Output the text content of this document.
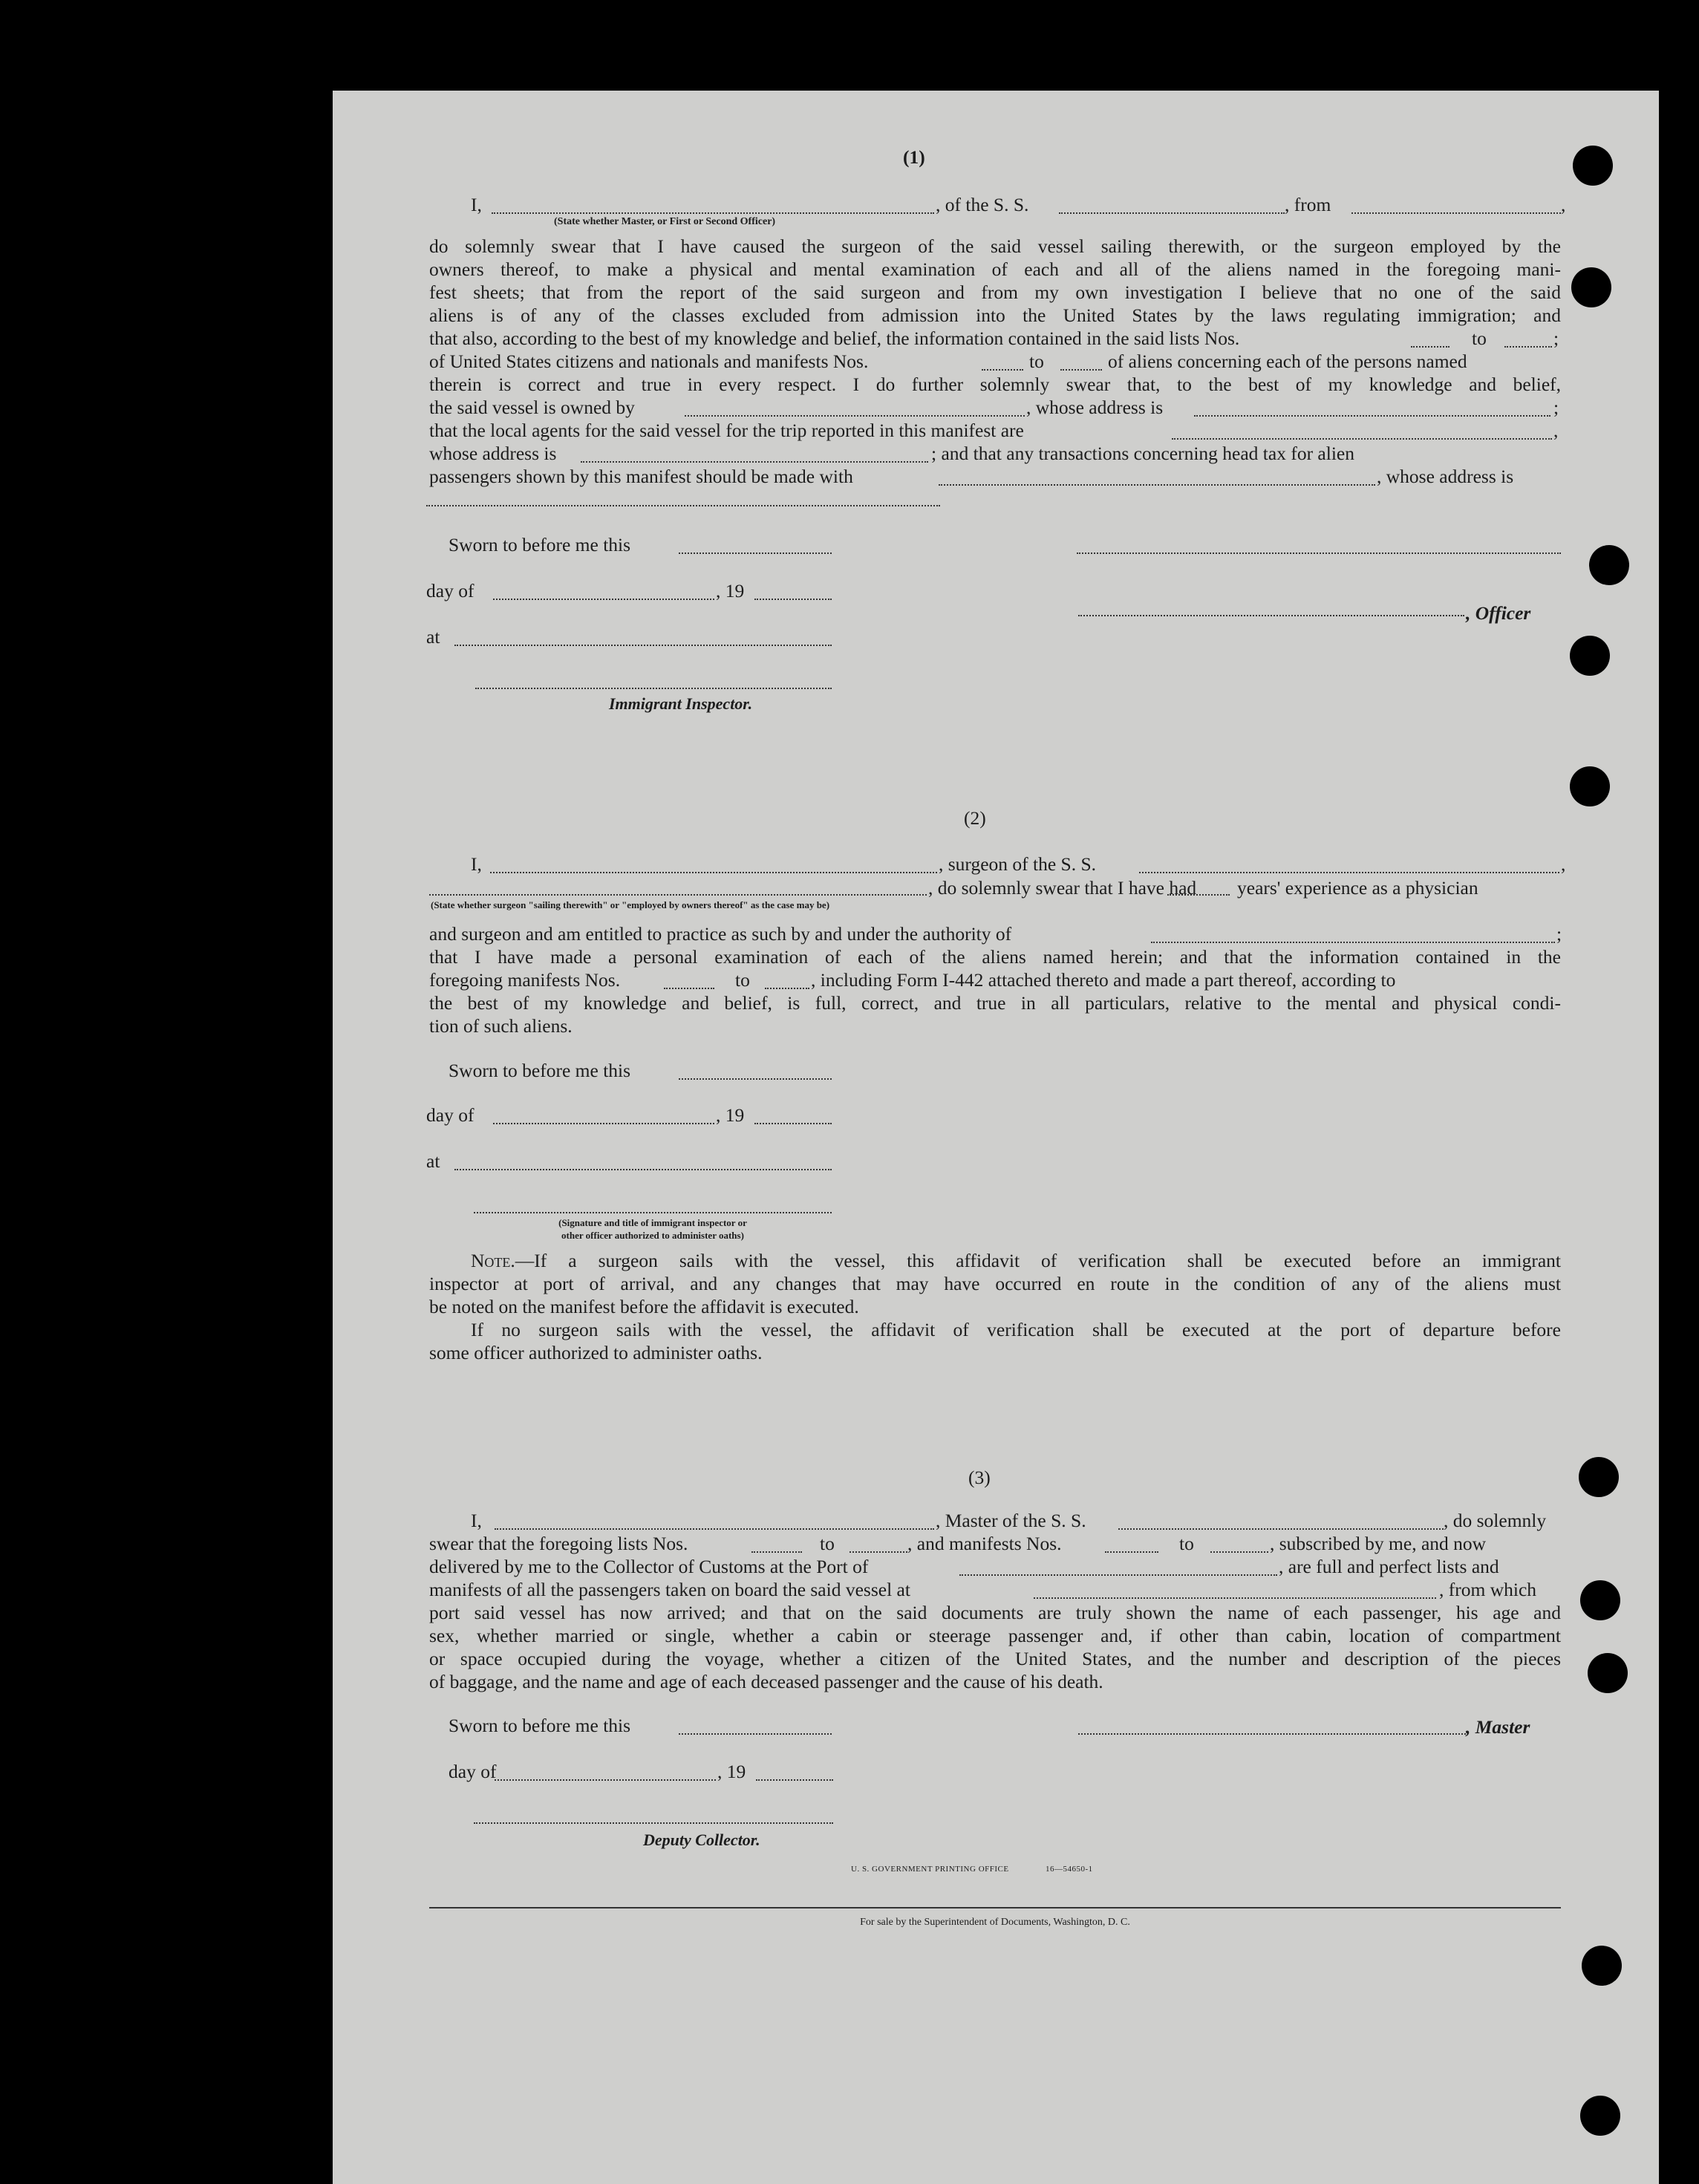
(1)
I,	, of the S. S.	, from	,
(State whether Master, or First or Second Officer)
do solemnly swear that I have caused the surgeon of the said vessel sailing therewith, or the surgeon employed by the
owners thereof, to make a physical and mental examination of each and all of the aliens named in the foregoing mani-
fest sheets; that from the report of the said surgeon and from my own investigation I believe that no one of the said
aliens is of any of the classes excluded from admission into the United States by the laws regulating immigration; and
that also, according to the best of my knowledge and belief, the information contained in the said lists Nos.	to	;
of United States citizens and nationals and manifests Nos.	to	of aliens concerning each of the persons named
therein is correct and true in every respect. I do further solemnly swear that, to the best of my knowledge and belief,
the said vessel is owned by	, whose address is	;
that the local agents for the said vessel for the trip reported in this manifest are	,
whose address is	; and that any transactions concerning head tax for alien
passengers shown by this manifest should be made with	, whose address is
Sworn to before me this
day of	, 19
, Officer
at
Immigrant Inspector.
(2)
I,	, surgeon of the S. S.	,
, do solemnly swear that I have had years' experience as a physician
(State whether surgeon "sailing therewith" or "employed by owners thereof" as the case may be)
and surgeon and am entitled to practice as such by and under the authority of	;
that I have made a personal examination of each of the aliens named herein; and that the information contained in the
foregoing manifests Nos.	to	, including Form I-442 attached thereto and made a part thereof, according to
the best of my knowledge and belief, is full, correct, and true in all particulars, relative to the mental and physical condi-
tion of such aliens.
Sworn to before me this
day of	, 19
at
(Signature and title of immigrant inspector or
other officer authorized to administer oaths)
Note.—If a surgeon sails with the vessel, this affidavit of verification shall be executed before an immigrant
inspector at port of arrival, and any changes that may have occurred en route in the condition of any of the aliens must
be noted on the manifest before the affidavit is executed.
If no surgeon sails with the vessel, the affidavit of verification shall be executed at the port of departure before
some officer authorized to administer oaths.
(3)
I,	, Master of the S. S.	, do solemnly
swear that the foregoing lists Nos.	to	, and manifests Nos.	to	, subscribed by me, and now
delivered by me to the Collector of Customs at the Port of	, are full and perfect lists and
manifests of all the passengers taken on board the said vessel at	, from which
port said vessel has now arrived; and that on the said documents are truly shown the name of each passenger, his age and
sex, whether married or single, whether a cabin or steerage passenger and, if other than cabin, location of compartment
or space occupied during the voyage, whether a citizen of the United States, and the number and description of the pieces
of baggage, and the name and age of each deceased passenger and the cause of his death.
Sworn to before me this	, Master
day of	, 19
Deputy Collector.
U. S. GOVERNMENT PRINTING OFFICE	16—54650-1
For sale by the Superintendent of Documents, Washington, D. C.
